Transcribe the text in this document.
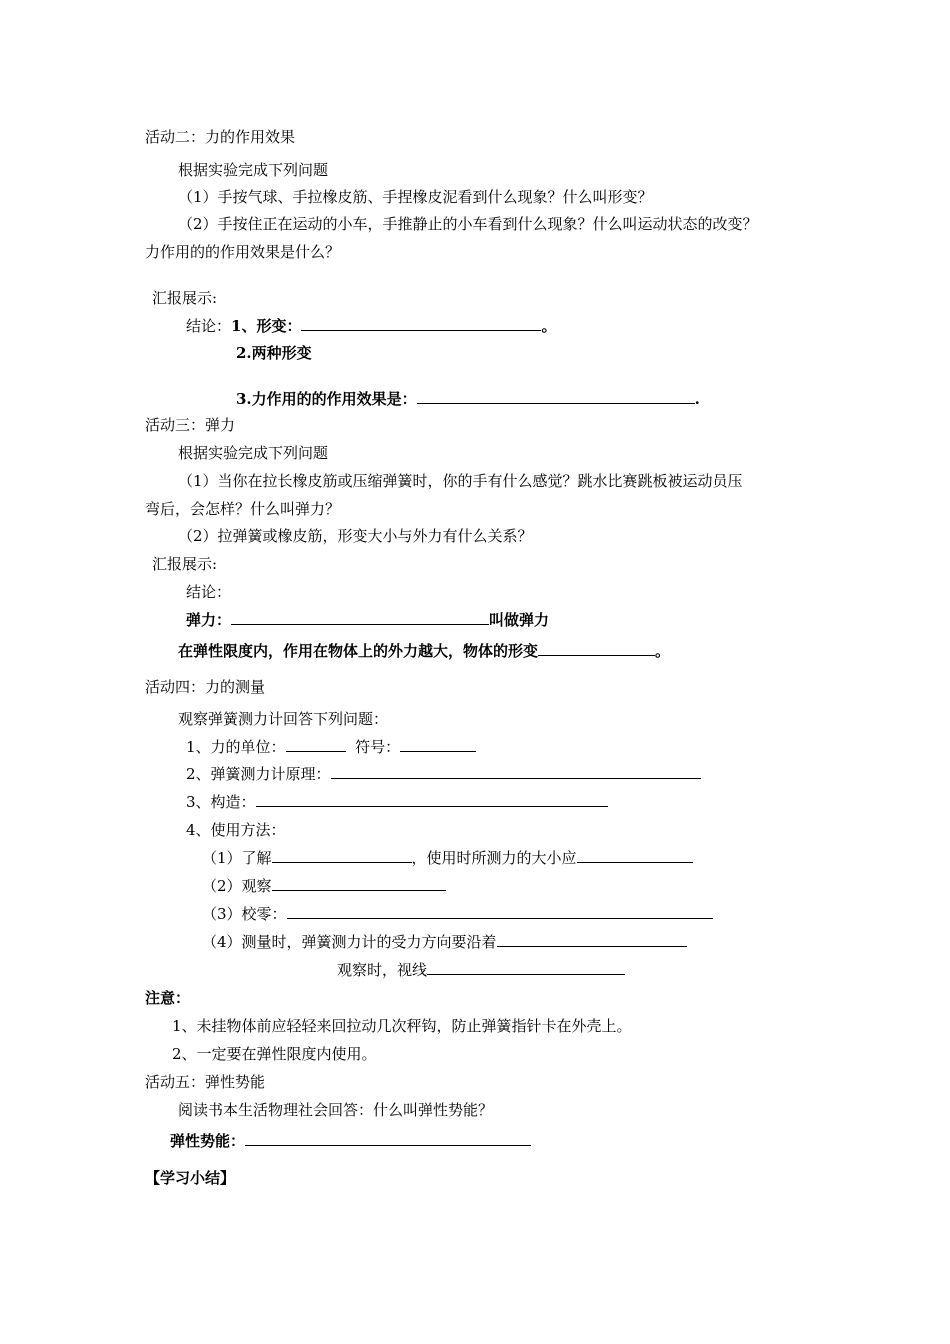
活动二：力的作用效果
根据实验完成下列问题
（1）手按气球、手拉橡皮筋、手捏橡皮泥看到什么现象？什么叫形变？
（2）手按住正在运动的小车，手推静止的小车看到什么现象？什么叫运动状态的改变？
力作用的的作用效果是什么？
汇报展示:
结论：1、形变：	。
2.两种形变
3.力作用的的作用效果是：	.
活动三：弹力
根据实验完成下列问题
（1）当你在拉长橡皮筋或压缩弹簧时，你的手有什么感觉？跳水比赛跳板被运动员压
弯后，会怎样？什么叫弹力？
（2）拉弹簧或橡皮筋，形变大小与外力有什么关系？
汇报展示:
结论：
弹力：	叫做弹力
在弹性限度内，作用在物体上的外力越大，物体的形变	。
活动四：力的测量
观察弹簧测力计回答下列问题：
1、力的单位：	符号：
2、弹簧测力计原理：
3、构造：
4、使用方法：
（1）了解	，使用时所测力的大小应
（2）观察
（3）校零：
（4）测量时，弹簧测力计的受力方向要沿着
观察时，视线
注意：
1、未挂物体前应轻轻来回拉动几次秤钩，防止弹簧指针卡在外壳上。
2、一定要在弹性限度内使用。
活动五：弹性势能
阅读书本生活物理社会回答：什么叫弹性势能？
弹性势能：
【学习小结】
